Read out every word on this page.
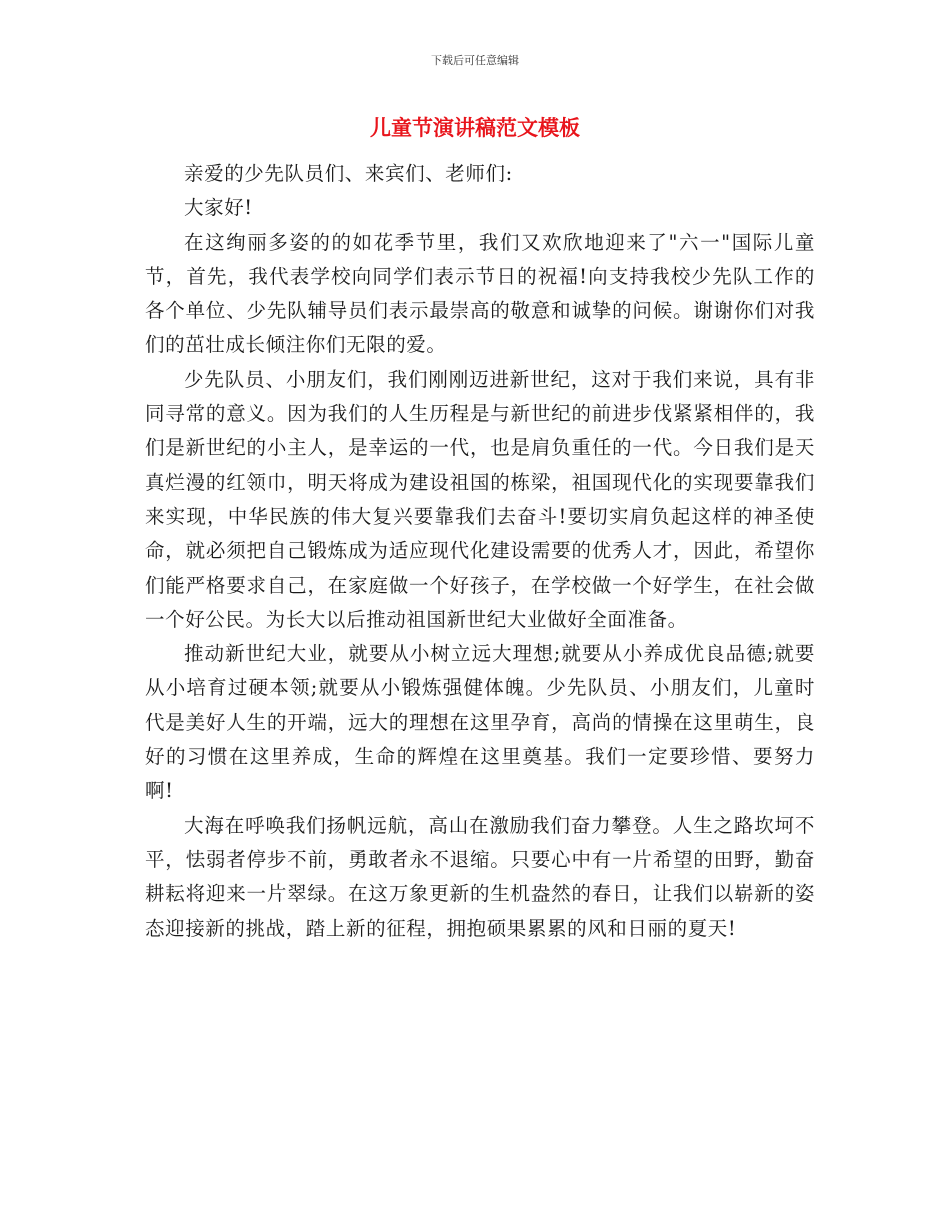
下载后可任意编辑
儿童节演讲稿范文模板

亲爱的少先队员们、来宾们、老师们:

大家好!

在这绚丽多姿的的如花季节里，我们又欢欣地迎来了"六一"国际儿童节，首先，我代表学校向同学们表示节日的祝福!向支持我校少先队工作的各个单位、少先队辅导员们表示最崇高的敬意和诚挚的问候。谢谢你们对我们的茁壮成长倾注你们无限的爱。

少先队员、小朋友们，我们刚刚迈进新世纪，这对于我们来说，具有非同寻常的意义。因为我们的人生历程是与新世纪的前进步伐紧紧相伴的，我们是新世纪的小主人，是幸运的一代，也是肩负重任的一代。今日我们是天真烂漫的红领巾，明天将成为建设祖国的栋梁，祖国现代化的实现要靠我们来实现，中华民族的伟大复兴要靠我们去奋斗!要切实肩负起这样的神圣使命，就必须把自己锻炼成为适应现代化建设需要的优秀人才，因此，希望你们能严格要求自己，在家庭做一个好孩子，在学校做一个好学生，在社会做一个好公民。为长大以后推动祖国新世纪大业做好全面准备。

推动新世纪大业，就要从小树立远大理想;就要从小养成优良品德;就要从小培育过硬本领;就要从小锻炼强健体魄。少先队员、小朋友们，儿童时代是美好人生的开端，远大的理想在这里孕育，高尚的情操在这里萌生，良好的习惯在这里养成，生命的辉煌在这里奠基。我们一定要珍惜、要努力啊!

大海在呼唤我们扬帆远航，高山在激励我们奋力攀登。人生之路坎坷不平，怯弱者停步不前，勇敢者永不退缩。只要心中有一片希望的田野，勤奋耕耘将迎来一片翠绿。在这万象更新的生机盎然的春日，让我们以崭新的姿态迎接新的挑战，踏上新的征程，拥抱硕果累累的风和日丽的夏天!
